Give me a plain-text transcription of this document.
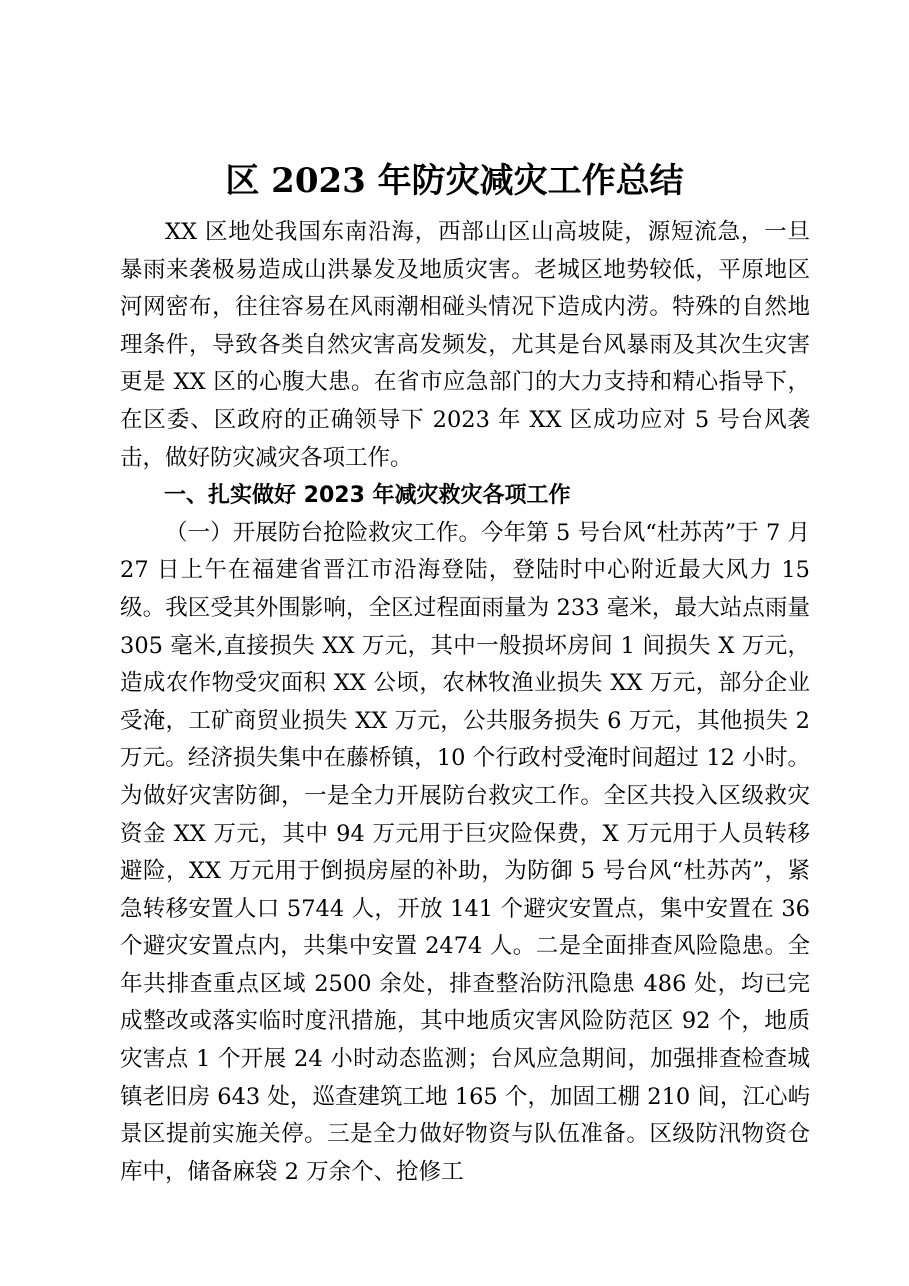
区 2023 年防灾减灾工作总结

XX 区地处我国东南沿海，西部山区山高坡陡，源短流急，一旦暴雨来袭极易造成山洪暴发及地质灾害。老城区地势较低，平原地区河网密布，往往容易在风雨潮相碰头情况下造成内涝。特殊的自然地理条件，导致各类自然灾害高发频发，尤其是台风暴雨及其次生灾害更是 XX 区的心腹大患。在省市应急部门的大力支持和精心指导下，在区委、区政府的正确领导下 2023 年 XX 区成功应对 5 号台风袭击，做好防灾减灾各项工作。

一、扎实做好 2023 年减灾救灾各项工作

（一）开展防台抢险救灾工作。今年第 5 号台风“杜苏芮”于 7 月 27 日上午在福建省晋江市沿海登陆，登陆时中心附近最大风力 15 级。我区受其外围影响，全区过程面雨量为 233 毫米，最大站点雨量 305 毫米,直接损失 XX 万元，其中一般损坏房间 1 间损失 X 万元，造成农作物受灾面积 XX 公顷，农林牧渔业损失 XX 万元，部分企业受淹，工矿商贸业损失 XX 万元，公共服务损失 6 万元，其他损失 2 万元。经济损失集中在藤桥镇，10 个行政村受淹时间超过 12 小时。为做好灾害防御，一是全力开展防台救灾工作。全区共投入区级救灾资金 XX 万元，其中 94 万元用于巨灾险保费，X 万元用于人员转移避险，XX 万元用于倒损房屋的补助，为防御 5 号台风“杜苏芮”，紧急转移安置人口 5744 人，开放 141 个避灾安置点，集中安置在 36 个避灾安置点内，共集中安置 2474 人。二是全面排查风险隐患。全年共排查重点区域 2500 余处，排查整治防汛隐患 486 处，均已完成整改或落实临时度汛措施，其中地质灾害风险防范区 92 个，地质灾害点 1 个开展 24 小时动态监测；台风应急期间，加强排查检查城镇老旧房 643 处，巡查建筑工地 165 个，加固工棚 210 间，江心屿景区提前实施关停。三是全力做好物资与队伍准备。区级防汛物资仓库中，储备麻袋 2 万余个、抢修工
